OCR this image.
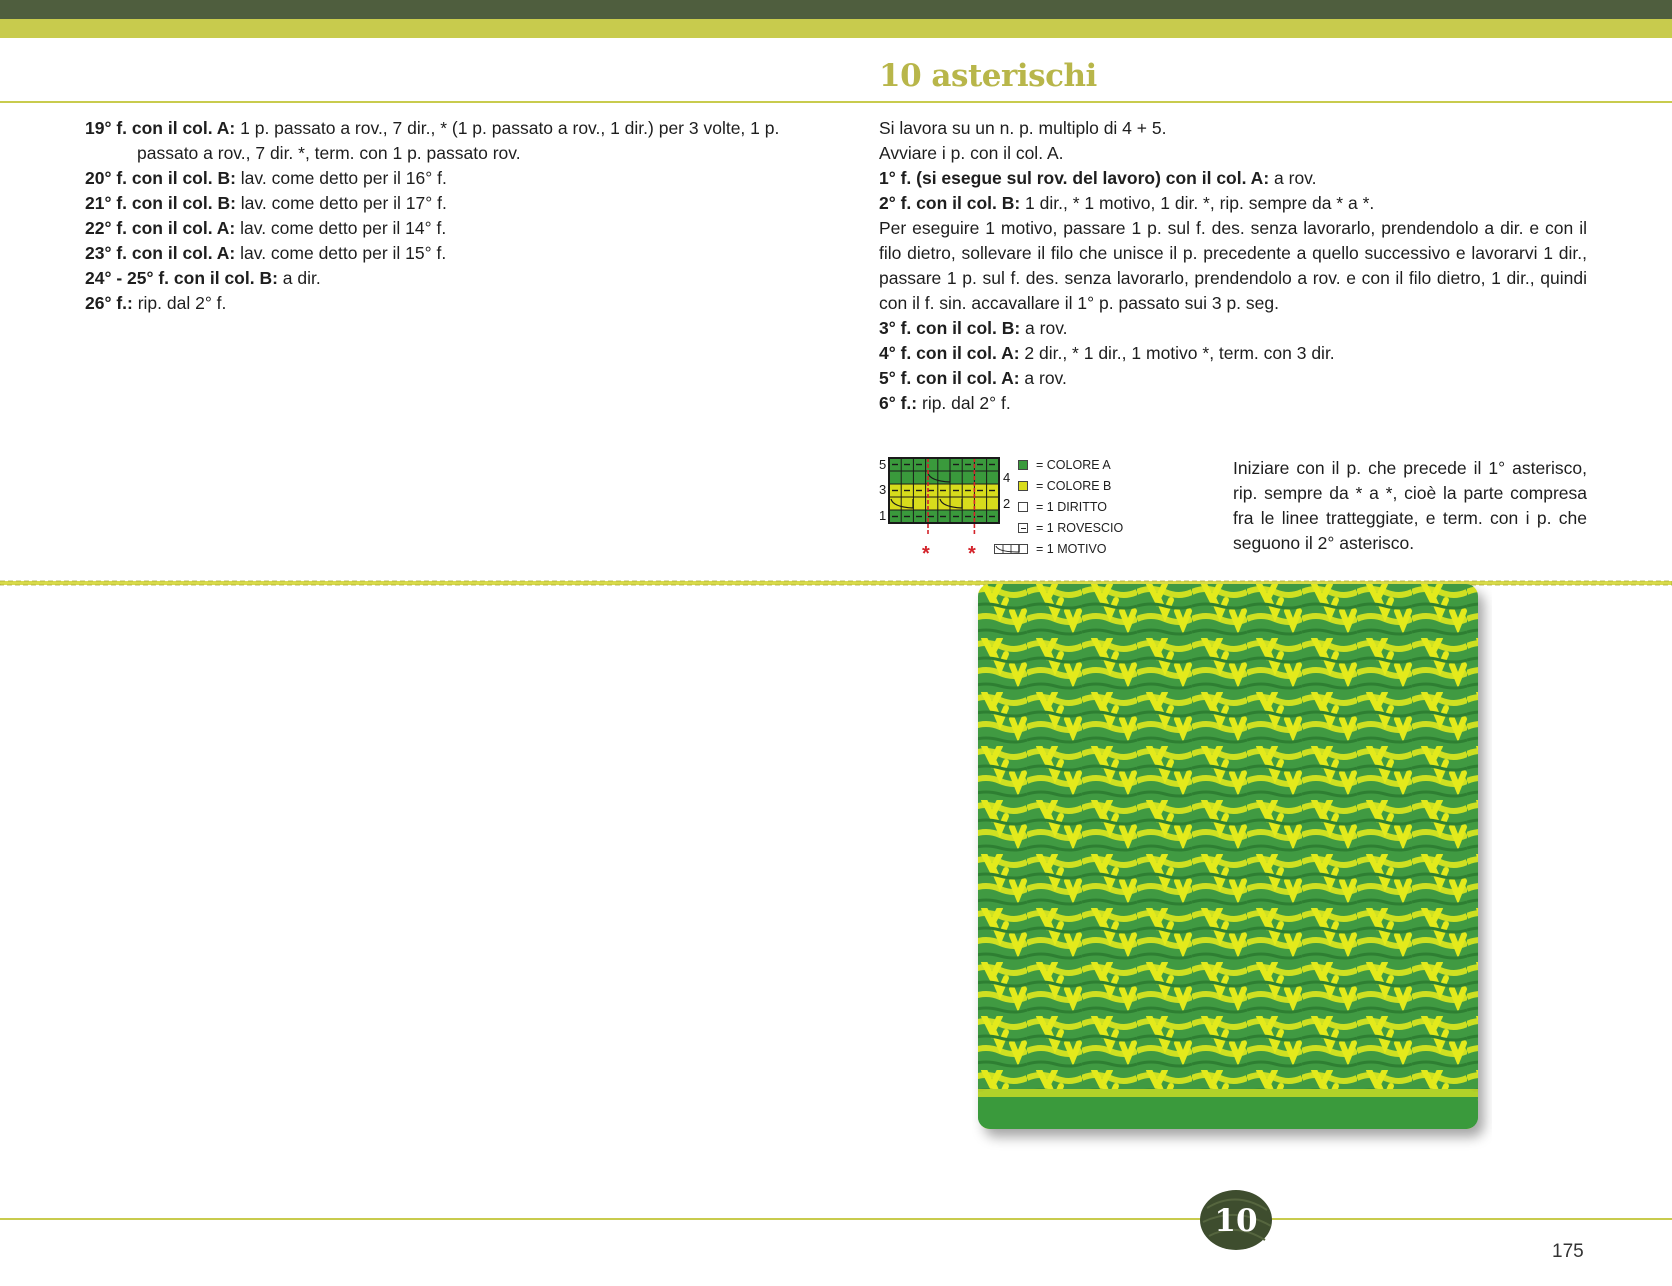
10 asterischi

19° f. con il col. A: 1 p. passato a rov., 7 dir., * (1 p. passato a rov., 1 dir.) per 3 volte, 1 p. passato a rov., 7 dir. *, term. con 1 p. passato rov.

20° f. con il col. B: lav. come detto per il 16° f.

21° f. con il col. B: lav. come detto per il 17° f.

22° f. con il col. A: lav. come detto per il 14° f.

23° f. con il col. A: lav. come detto per il 15° f.

24° - 25° f. con il col. B: a dir.

26° f.: rip. dal 2° f.

Si lavora su un n. p. multiplo di 4 + 5.

Avviare i p. con il col. A.

1° f. (si esegue sul rov. del lavoro) con il col. A: a rov.

2° f. con il col. B: 1 dir., * 1 motivo, 1 dir. *, rip. sempre da * a *.

Per eseguire 1 motivo, passare 1 p. sul f. des. senza lavorarlo, prendendolo a dir. e con il filo dietro, sollevare il filo che unisce il p. precedente a quello successivo e lavorarvi 1 dir., passare 1 p. sul f. des. senza lavorarlo, prendendolo a rov. e con il filo dietro, 1 dir., quindi con il f. sin. accavallare il 1° p. passato sui 3 p. seg.

3° f. con il col. B: a rov.

4° f. con il col. A: 2 dir., * 1 dir., 1 motivo *, term. con 3 dir.

5° f. con il col. A: a rov.

6° f.: rip. dal 2° f.

5
3
1
4
2
* *
= COLORE A
= COLORE B
= 1 DIRITTO
= 1 ROVESCIO
= 1 MOTIVO

Iniziare con il p. che precede il 1° asterisco, rip. sempre da * a *, cioè la parte compresa fra le linee tratteggiate, e term. con i p. che seguono il 2° asterisco.

10
175
